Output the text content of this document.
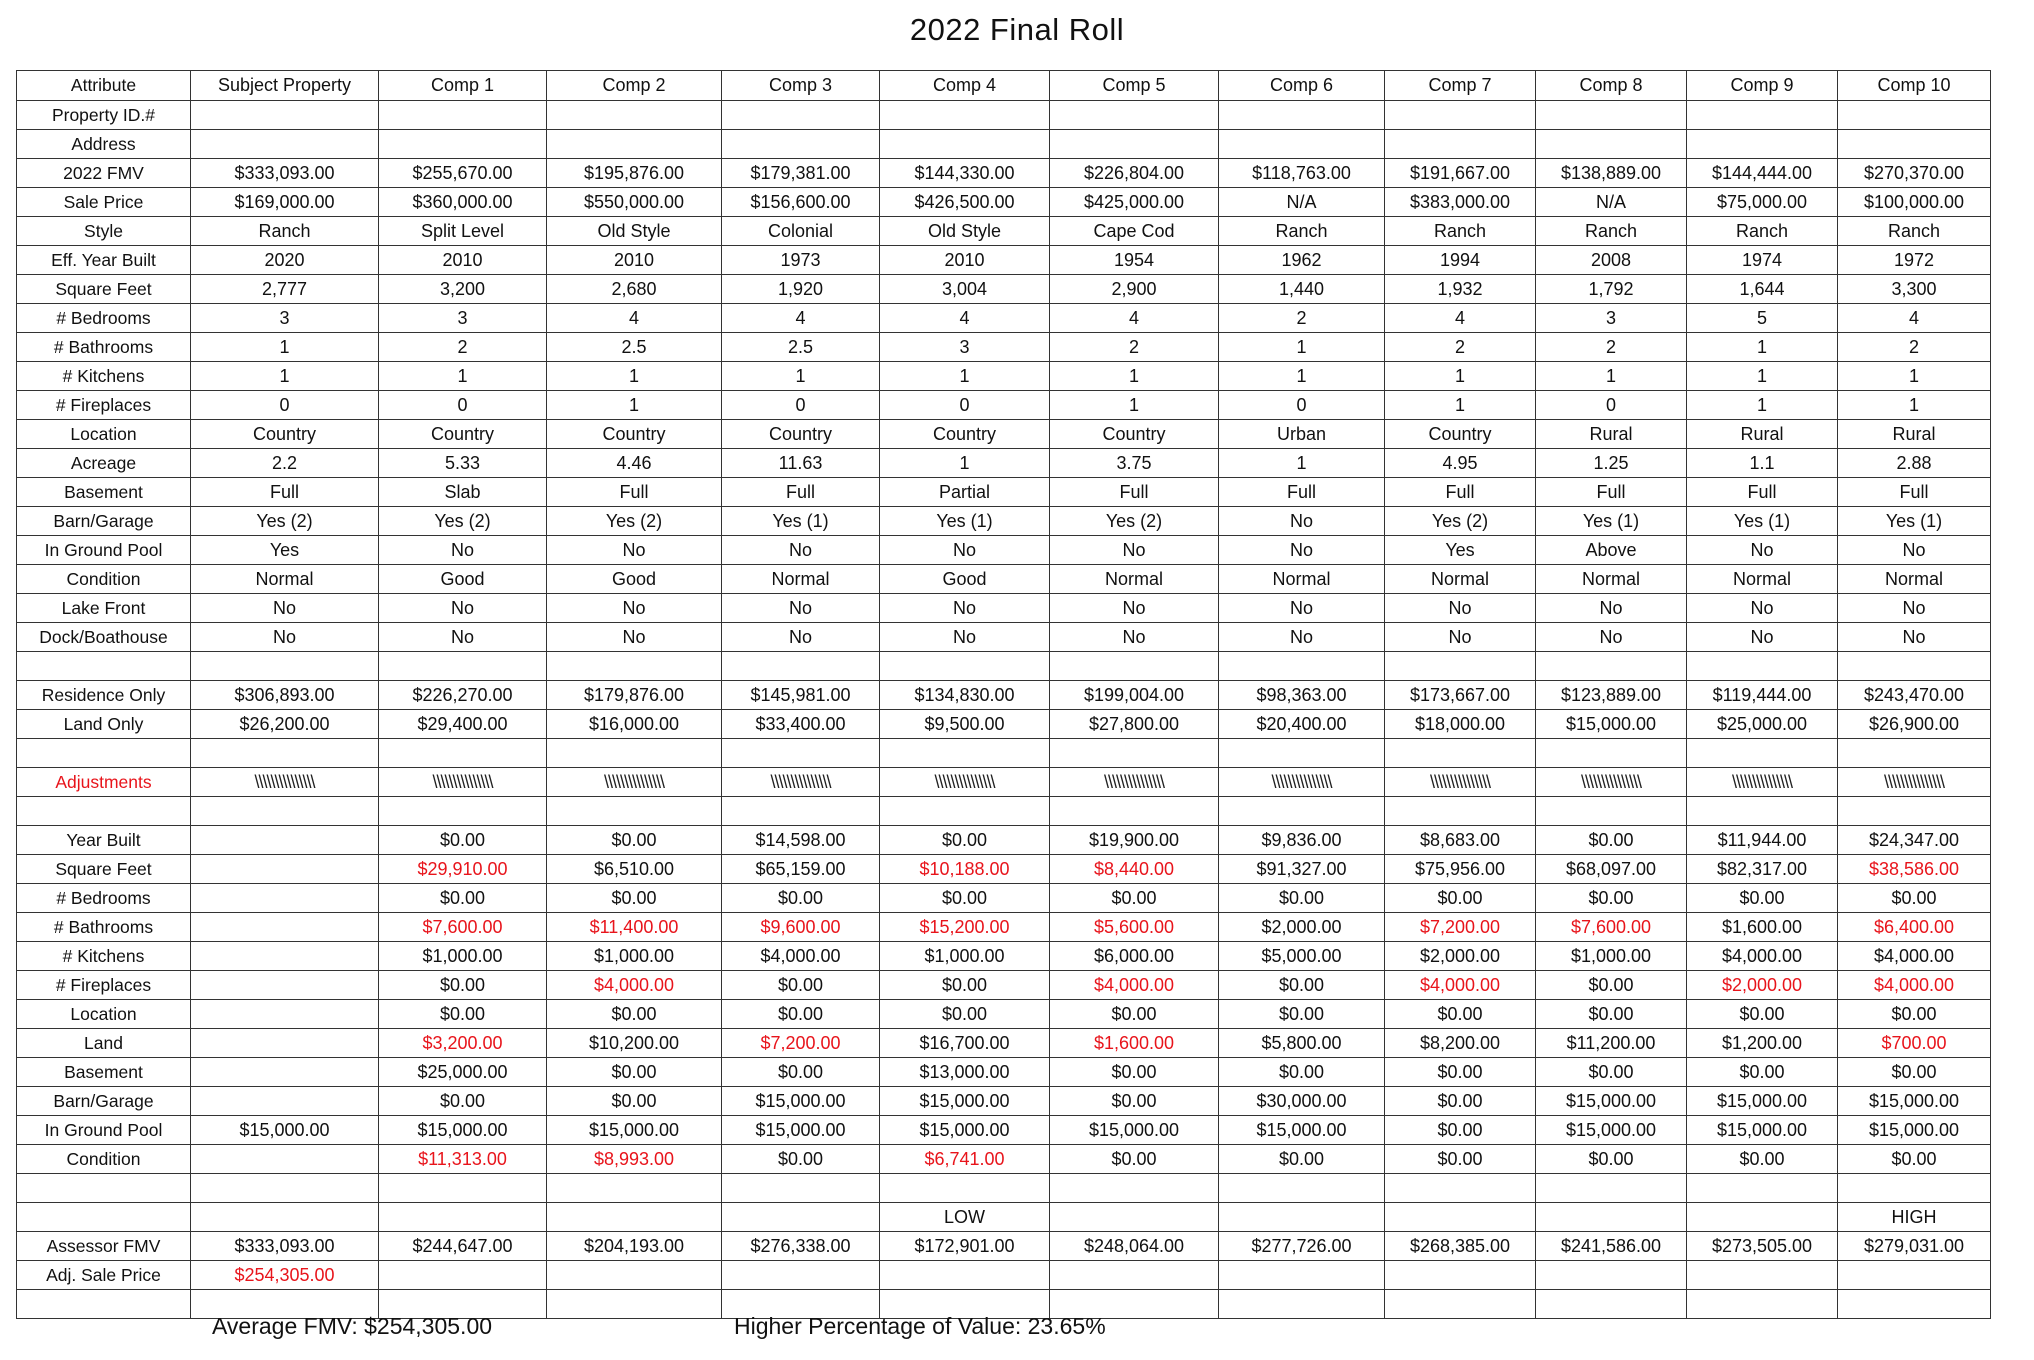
2022 Final Roll
Attribute	Subject Property	Comp 1	Comp 2	Comp 3	Comp 4	Comp 5	Comp 6	Comp 7	Comp 8	Comp 9	Comp 10
Property ID.#											
Address											
2022 FMV	$333,093.00	$255,670.00	$195,876.00	$179,381.00	$144,330.00	$226,804.00	$118,763.00	$191,667.00	$138,889.00	$144,444.00	$270,370.00
Sale Price	$169,000.00	$360,000.00	$550,000.00	$156,600.00	$426,500.00	$425,000.00	N/A	$383,000.00	N/A	$75,000.00	$100,000.00
Style	Ranch	Split Level	Old Style	Colonial	Old Style	Cape Cod	Ranch	Ranch	Ranch	Ranch	Ranch
Eff. Year Built	2020	2010	2010	1973	2010	1954	1962	1994	2008	1974	1972
Square Feet	2,777	3,200	2,680	1,920	3,004	2,900	1,440	1,932	1,792	1,644	3,300
# Bedrooms	3	3	4	4	4	4	2	4	3	5	4
# Bathrooms	1	2	2.5	2.5	3	2	1	2	2	1	2
# Kitchens	1	1	1	1	1	1	1	1	1	1	1
# Fireplaces	0	0	1	0	0	1	0	1	0	1	1
Location	Country	Country	Country	Country	Country	Country	Urban	Country	Rural	Rural	Rural
Acreage	2.2	5.33	4.46	11.63	1	3.75	1	4.95	1.25	1.1	2.88
Basement	Full	Slab	Full	Full	Partial	Full	Full	Full	Full	Full	Full
Barn/Garage	Yes (2)	Yes (2)	Yes (2)	Yes (1)	Yes (1)	Yes (2)	No	Yes (2)	Yes (1)	Yes (1)	Yes (1)
In Ground Pool	Yes	No	No	No	No	No	No	Yes	Above	No	No
Condition	Normal	Good	Good	Normal	Good	Normal	Normal	Normal	Normal	Normal	Normal
Lake Front	No	No	No	No	No	No	No	No	No	No	No
Dock/Boathouse	No	No	No	No	No	No	No	No	No	No	No

Residence Only	$306,893.00	$226,270.00	$179,876.00	$145,981.00	$134,830.00	$199,004.00	$98,363.00	$173,667.00	$123,889.00	$119,444.00	$243,470.00
Land Only	$26,200.00	$29,400.00	$16,000.00	$33,400.00	$9,500.00	$27,800.00	$20,400.00	$18,000.00	$15,000.00	$25,000.00	$26,900.00

Adjustments	\\\\\\\\\\\\\\\	\\\\\\\\\\\\\\\	\\\\\\\\\\\\\\\	\\\\\\\\\\\\\\\	\\\\\\\\\\\\\\\	\\\\\\\\\\\\\\\	\\\\\\\\\\\\\\\	\\\\\\\\\\\\\\\	\\\\\\\\\\\\\\\	\\\\\\\\\\\\\\\	\\\\\\\\\\\\\\\

Year Built		$0.00	$0.00	$14,598.00	$0.00	$19,900.00	$9,836.00	$8,683.00	$0.00	$11,944.00	$24,347.00
Square Feet		$29,910.00	$6,510.00	$65,159.00	$10,188.00	$8,440.00	$91,327.00	$75,956.00	$68,097.00	$82,317.00	$38,586.00
# Bedrooms		$0.00	$0.00	$0.00	$0.00	$0.00	$0.00	$0.00	$0.00	$0.00	$0.00
# Bathrooms		$7,600.00	$11,400.00	$9,600.00	$15,200.00	$5,600.00	$2,000.00	$7,200.00	$7,600.00	$1,600.00	$6,400.00
# Kitchens		$1,000.00	$1,000.00	$4,000.00	$1,000.00	$6,000.00	$5,000.00	$2,000.00	$1,000.00	$4,000.00	$4,000.00
# Fireplaces		$0.00	$4,000.00	$0.00	$0.00	$4,000.00	$0.00	$4,000.00	$0.00	$2,000.00	$4,000.00
Location		$0.00	$0.00	$0.00	$0.00	$0.00	$0.00	$0.00	$0.00	$0.00	$0.00
Land		$3,200.00	$10,200.00	$7,200.00	$16,700.00	$1,600.00	$5,800.00	$8,200.00	$11,200.00	$1,200.00	$700.00
Basement		$25,000.00	$0.00	$0.00	$13,000.00	$0.00	$0.00	$0.00	$0.00	$0.00	$0.00
Barn/Garage		$0.00	$0.00	$15,000.00	$15,000.00	$0.00	$30,000.00	$0.00	$15,000.00	$15,000.00	$15,000.00
In Ground Pool	$15,000.00	$15,000.00	$15,000.00	$15,000.00	$15,000.00	$15,000.00	$15,000.00	$0.00	$15,000.00	$15,000.00	$15,000.00
Condition		$11,313.00	$8,993.00	$0.00	$6,741.00	$0.00	$0.00	$0.00	$0.00	$0.00	$0.00

					LOW						HIGH
Assessor FMV	$333,093.00	$244,647.00	$204,193.00	$276,338.00	$172,901.00	$248,064.00	$277,726.00	$268,385.00	$241,586.00	$273,505.00	$279,031.00
Adj. Sale Price	$254,305.00										

Average FMV: $254,305.00	Higher Percentage of Value: 23.65%
